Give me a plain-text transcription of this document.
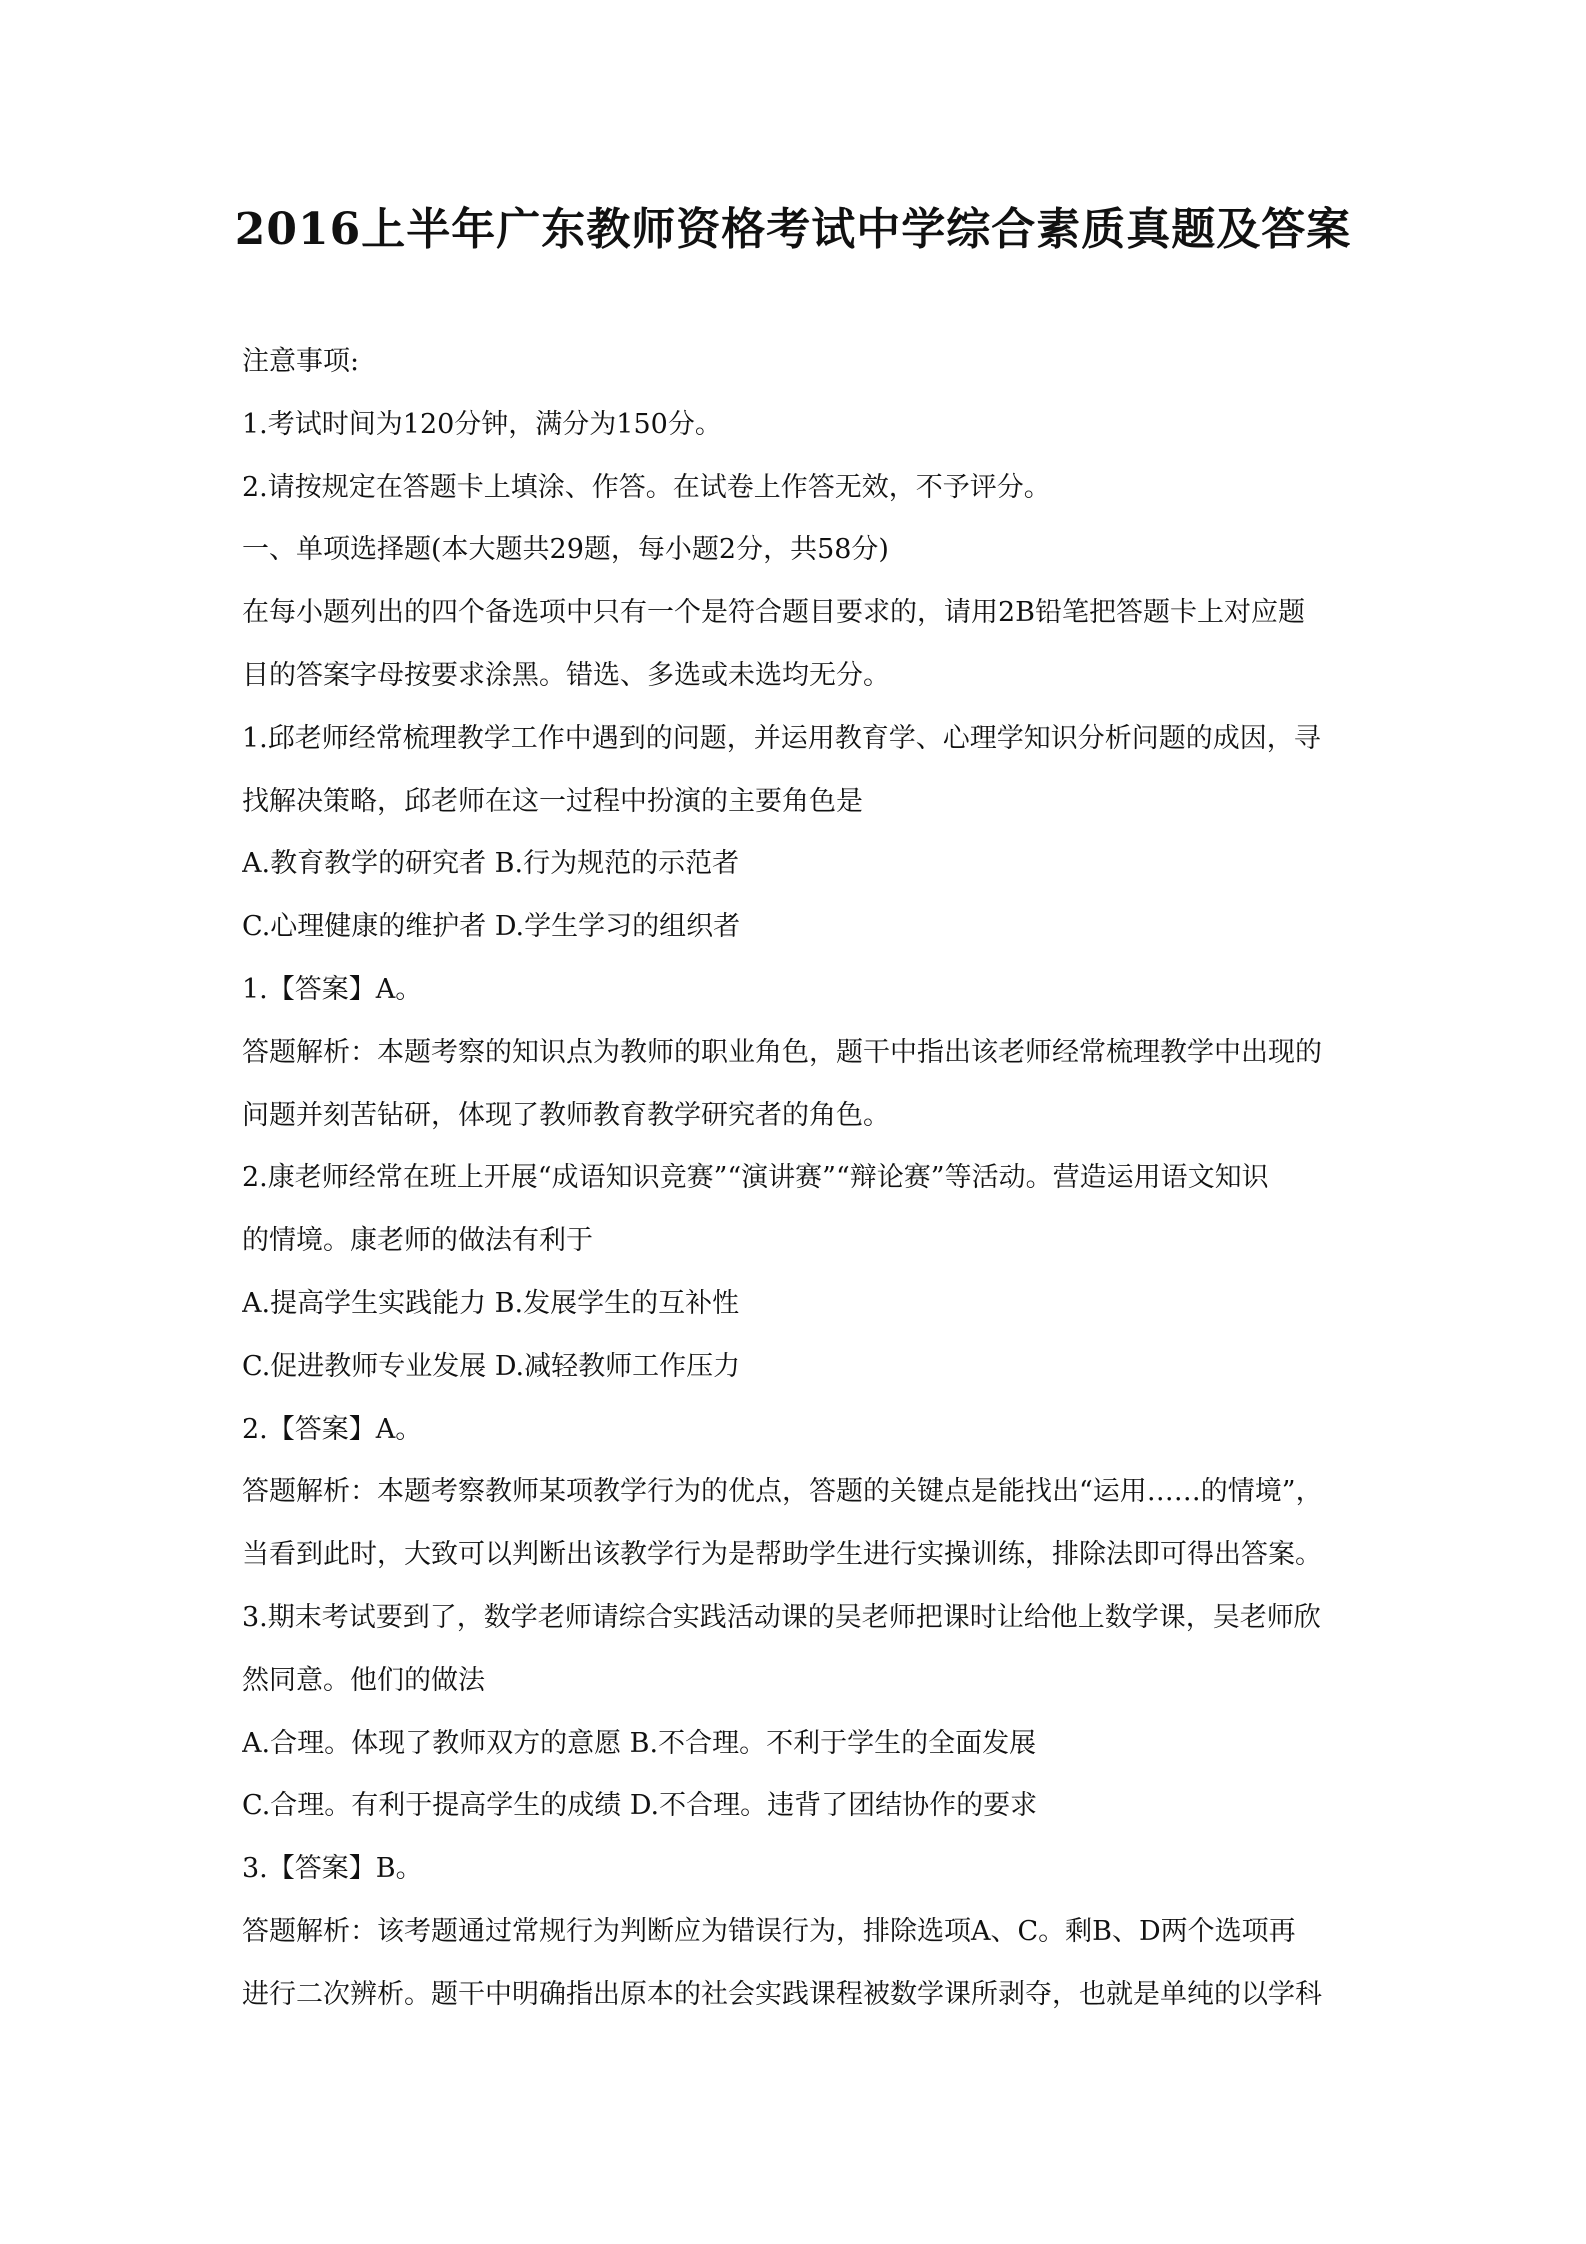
2016上半年广东教师资格考试中学综合素质真题及答案
注意事项:
1.考试时间为120分钟，满分为150分。
2.请按规定在答题卡上填涂、作答。在试卷上作答无效，不予评分。
一、单项选择题(本大题共29题，每小题2分，共58分)
在每小题列出的四个备选项中只有一个是符合题目要求的，请用2B铅笔把答题卡上对应题
目的答案字母按要求涂黑。错选、多选或未选均无分。
1.邱老师经常梳理教学工作中遇到的问题，并运用教育学、心理学知识分析问题的成因，寻
找解决策略，邱老师在这一过程中扮演的主要角色是
A.教育教学的研究者 B.行为规范的示范者
C.心理健康的维护者 D.学生学习的组织者
1.【答案】A。
答题解析：本题考察的知识点为教师的职业角色，题干中指出该老师经常梳理教学中出现的
问题并刻苦钻研，体现了教师教育教学研究者的角色。
2.康老师经常在班上开展“成语知识竞赛”“演讲赛”“辩论赛”等活动。营造运用语文知识
的情境。康老师的做法有利于
A.提高学生实践能力 B.发展学生的互补性
C.促进教师专业发展 D.减轻教师工作压力
2.【答案】A。
答题解析：本题考察教师某项教学行为的优点，答题的关键点是能找出“运用……的情境”，
当看到此时，大致可以判断出该教学行为是帮助学生进行实操训练，排除法即可得出答案。
3.期末考试要到了，数学老师请综合实践活动课的吴老师把课时让给他上数学课，吴老师欣
然同意。他们的做法
A.合理。体现了教师双方的意愿 B.不合理。不利于学生的全面发展
C.合理。有利于提高学生的成绩 D.不合理。违背了团结协作的要求
3.【答案】B。
答题解析：该考题通过常规行为判断应为错误行为，排除选项A、C。剩B、D两个选项再
进行二次辨析。题干中明确指出原本的社会实践课程被数学课所剥夺，也就是单纯的以学科
